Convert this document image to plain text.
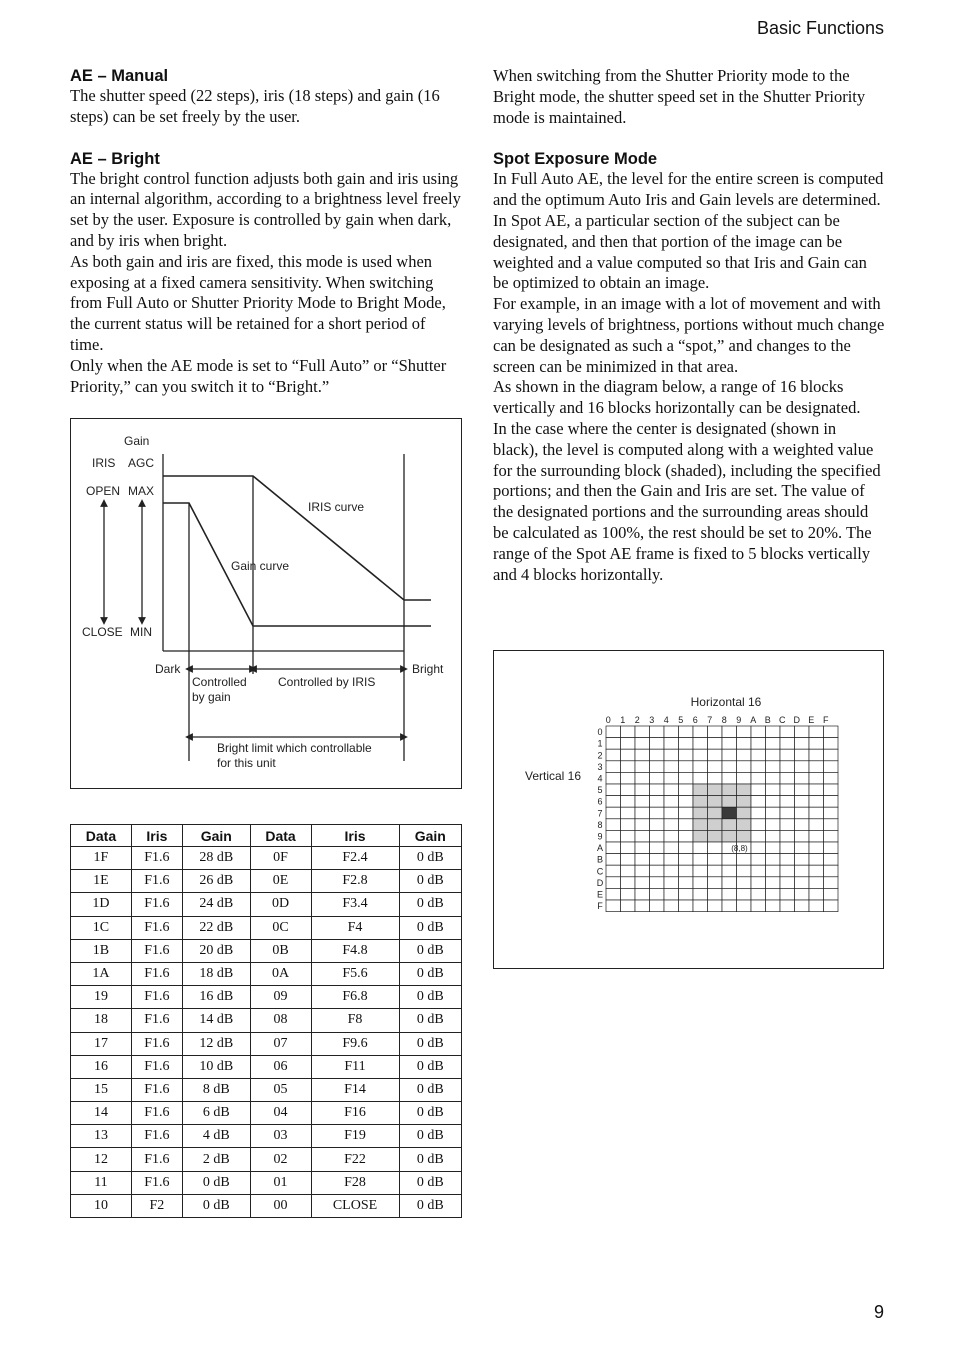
Basic Functions
AE – Manual

The shutter speed (22 steps), iris (18 steps) and gain (16 steps) can be set freely by the user.

AE – Bright

The bright control function adjusts both gain and iris using an internal algorithm, according to a brightness level freely set by the user. Exposure is controlled by gain when dark, and by iris when bright.

As both gain and iris are fixed, this mode is used when exposing at a fixed camera sensitivity. When switching from Full Auto or Shutter Priority Mode to Bright Mode, the current status will be retained for a short period of time.

Only when the AE mode is set to “Full Auto” or “Shutter Priority,” can you switch it to “Bright.”

When switching from the Shutter Priority mode to the Bright mode, the shutter speed set in the Shutter Priority mode is maintained.

Spot Exposure Mode

In Full Auto AE, the level for the entire screen is computed and the optimum Auto Iris and Gain levels are determined. In Spot AE, a particular section of the subject can be designated, and then that portion of the image can be weighted and a value computed so that Iris and Gain can be optimized to obtain an image.

For example, in an image with a lot of movement and with varying levels of brightness, portions without much change can be designated as such a “spot,” and changes to the screen can be minimized in that area.

As shown in the diagram below, a range of 16 blocks vertically and 16 blocks horizontally can be designated.

In the case where the center is designated (shown in black), the level is computed along with a weighted value for the surrounding block (shaded), including the specified portions; and then the Gain and Iris are set. The value of the designated portions and the surrounding areas should be calculated as 100%, the rest should be set to 20%. The range of the Spot AE frame is fixed to 5 blocks vertically and 4 blocks horizontally.

Gain
IRIS AGC
OPEN MAX
CLOSE MIN
IRIS curve
Gain curve
Dark	Bright
Controlled
by gain
Controlled by IRIS
Bright limit which controllable
for this unit
Horizontal 16
Vertical 16
0 1 2 3 4 5 6 7 8 9 A B C D E F
0
1
2
3
4
5
6
7
8
9
A
B
C
D
E
F
(8,8)
Data	Iris	Gain	Data	Iris	Gain
1F	F1.6	28 dB	0F	F2.4	0 dB
1E	F1.6	26 dB	0E	F2.8	0 dB
1D	F1.6	24 dB	0D	F3.4	0 dB
1C	F1.6	22 dB	0C	F4	0 dB
1B	F1.6	20 dB	0B	F4.8	0 dB
1A	F1.6	18 dB	0A	F5.6	0 dB
19	F1.6	16 dB	09	F6.8	0 dB
18	F1.6	14 dB	08	F8	0 dB
17	F1.6	12 dB	07	F9.6	0 dB
16	F1.6	10 dB	06	F11	0 dB
15	F1.6	8 dB	05	F14	0 dB
14	F1.6	6 dB	04	F16	0 dB
13	F1.6	4 dB	03	F19	0 dB
12	F1.6	2 dB	02	F22	0 dB
11	F1.6	0 dB	01	F28	0 dB
10	F2	0 dB	00	CLOSE	0 dB
9
